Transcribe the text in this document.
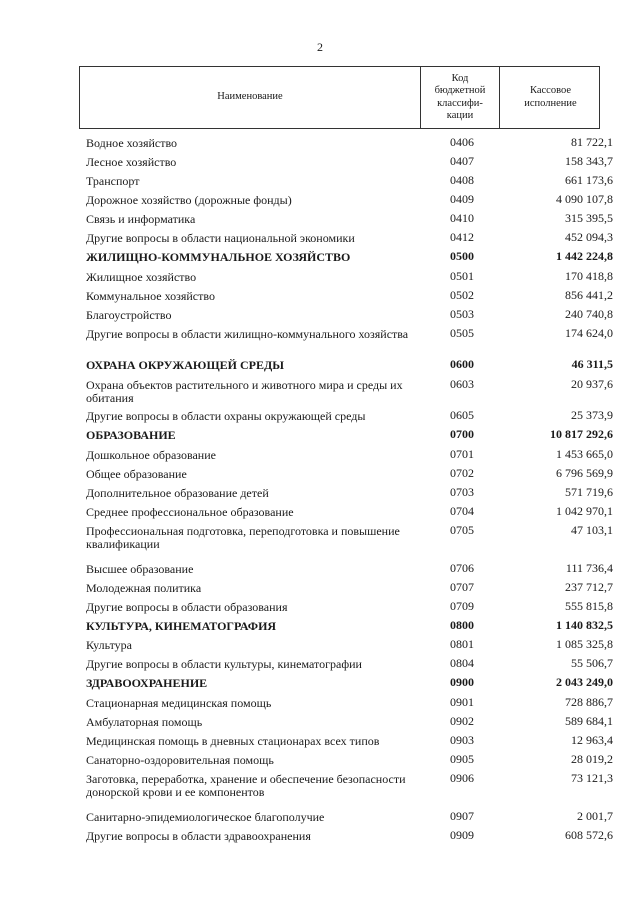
2
Наименование
Код бюджетной классифи-кации
Кассовое исполнение
Водное хозяйство	0406	81 722,1
Лесное хозяйство	0407	158 343,7
Транспорт	0408	661 173,6
Дорожное хозяйство (дорожные фонды)	0409	4 090 107,8
Связь и информатика	0410	315 395,5
Другие вопросы в области национальной экономики	0412	452 094,3
ЖИЛИЩНО-КОММУНАЛЬНОЕ ХОЗЯЙСТВО	0500	1 442 224,8
Жилищное хозяйство	0501	170 418,8
Коммунальное хозяйство	0502	856 441,2
Благоустройство	0503	240 740,8
Другие вопросы в области жилищно-коммунального хозяйства	0505	174 624,0
ОХРАНА ОКРУЖАЮЩЕЙ СРЕДЫ	0600	46 311,5
Охрана объектов растительного и животного мира и среды их обитания
0603	20 937,6
Другие вопросы в области охраны окружающей среды	0605	25 373,9
ОБРАЗОВАНИЕ	0700	10 817 292,6
Дошкольное образование	0701	1 453 665,0
Общее образование	0702	6 796 569,9
Дополнительное образование детей	0703	571 719,6
Среднее профессиональное образование	0704	1 042 970,1
Профессиональная подготовка, переподготовка и повышение квалификации
0705	47 103,1
Высшее образование	0706	111 736,4
Молодежная политика	0707	237 712,7
Другие вопросы в области образования	0709	555 815,8
КУЛЬТУРА, КИНЕМАТОГРАФИЯ	0800	1 140 832,5
Культура	0801	1 085 325,8
Другие вопросы в области культуры, кинематографии	0804	55 506,7
ЗДРАВООХРАНЕНИЕ	0900	2 043 249,0
Стационарная медицинская помощь	0901	728 886,7
Амбулаторная помощь	0902	589 684,1
Медицинская помощь в дневных стационарах всех типов	0903	12 963,4
Санаторно-оздоровительная помощь	0905	28 019,2
Заготовка, переработка, хранение и обеспечение безопасности донорской крови и ее компонентов
0906	73 121,3
Санитарно-эпидемиологическое благополучие	0907	2 001,7
Другие вопросы в области здравоохранения	0909	608 572,6
